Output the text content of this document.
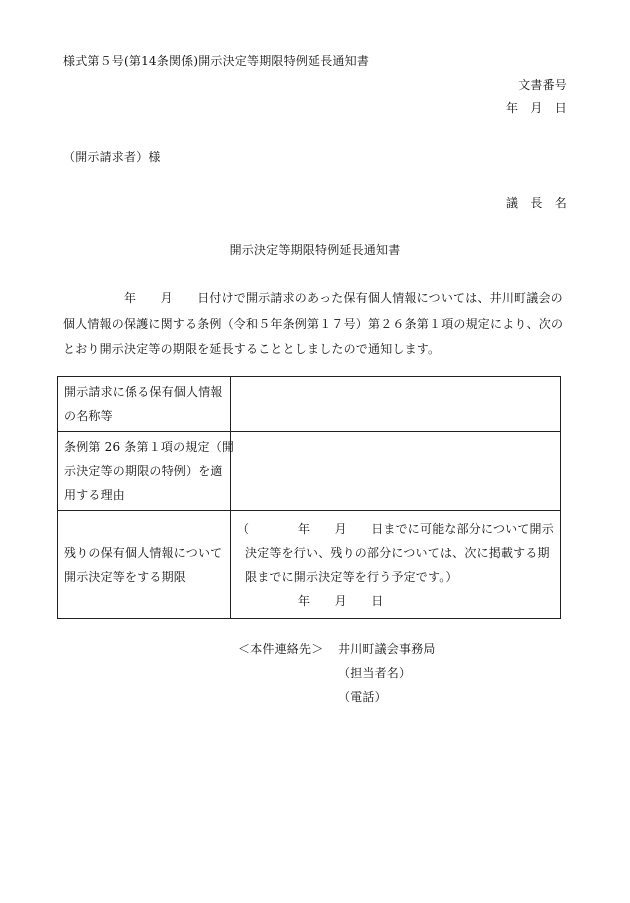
様式第５号(第14条関係)開示決定等期限特例延長通知書
文書番号
年　月　日
（開示請求者）様
議　長　名
開示決定等期限特例延長通知書
　　　　　年　　月　　日付けで開示請求のあった保有個人情報については、井川町議会の
個人情報の保護に関する条例（令和５年条例第１７号）第２６条第１項の規定により、次の
とおり開示決定等の期限を延長することとしましたので通知します。
開示請求に係る保有個人情報
の名称等	

条例第 26 条第１項の規定（開
示決定等の期限の特例）を適
用する理由	

残りの保有個人情報について
開示決定等をする期限	（　　　　年　　月　　日までに可能な部分について開示
決定等を行い、残りの部分については、次に掲載する期
限までに開示決定等を行う予定です。）
　　　　　年　　月　　日
＜本件連絡先＞ 井川町議会事務局
（担当者名）
（電話）
